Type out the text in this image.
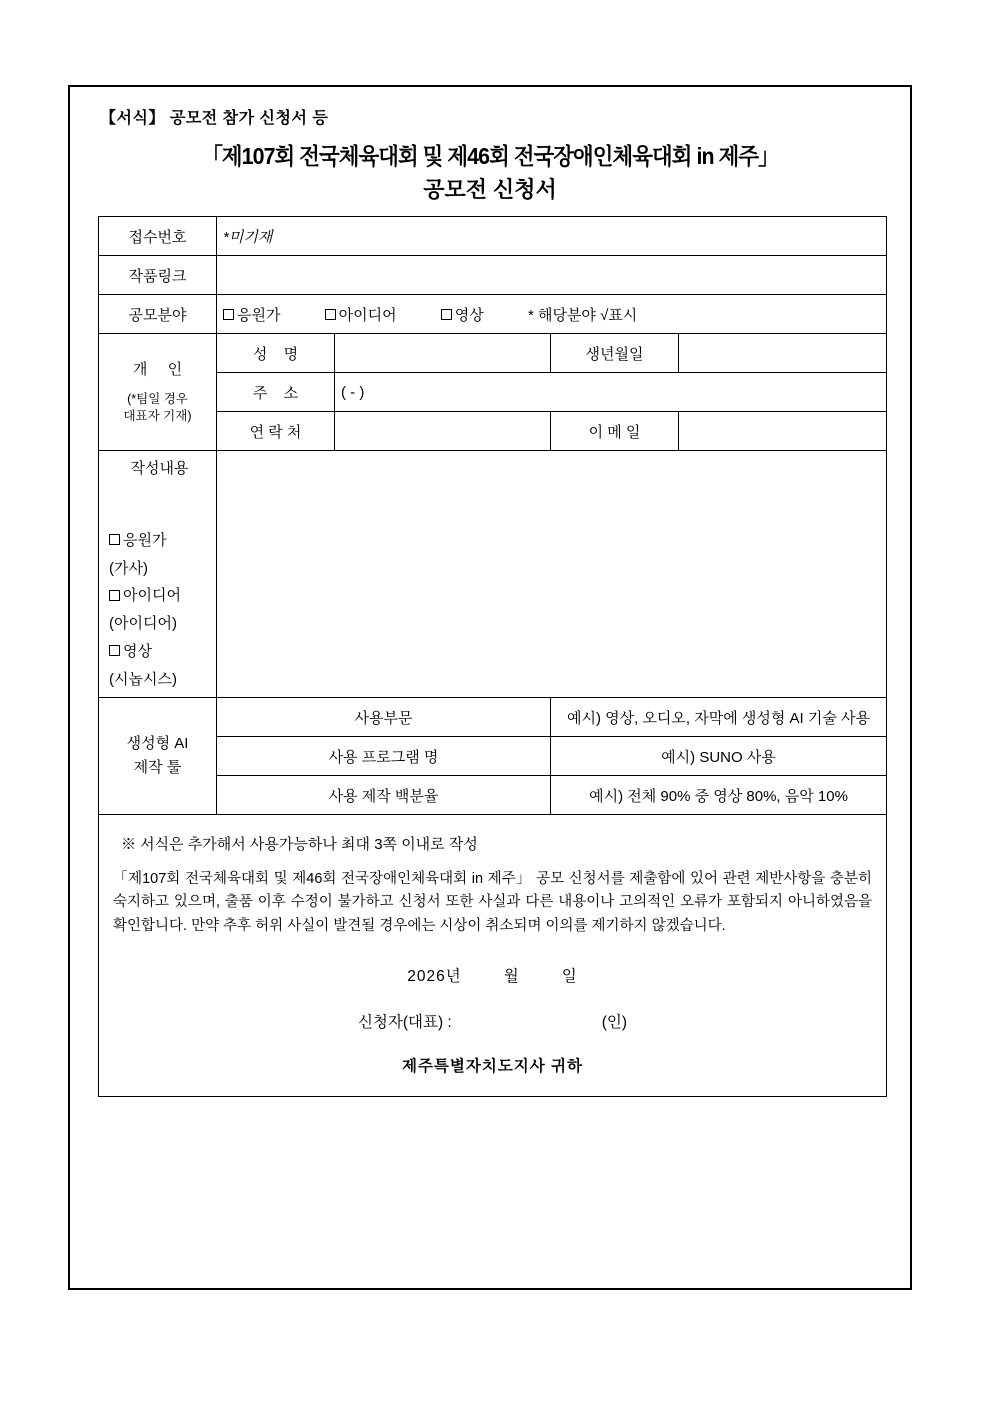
【서식】 공모전 참가 신청서 등
「제107회 전국체육대회 및 제46회 전국장애인체육대회 in 제주」
공모전 신청서
접수번호	*미기재			
작품링크				
공모분야	응원가 아이디어 영상 * 해당분야 √표시			

개 인
(*팀일 경우
대표자 기재)	성 명		생년월일	
	주 소	( - )		
	연 락 처		이 메 일	

작성내용
응원가
(가사)
아이디어
(아이디어)
영상
(시놉시스)	
생성형 AI
제작 툴	사용부문		예시) 영상, 오디오, 자막에 생성형 AI 기술 사용	
	사용 프로그램 명		예시) SUNO 사용	
	사용 제작 백분율		예시) 전체 90% 중 영상 80%, 음악 10%	

※ 서식은 추가해서 사용가능하나 최대 3쪽 이내로 작성
「제107회 전국체육대회 및 제46회 전국장애인체육대회 in 제주」 공모 신청서를 제출함에 있어 관련 제반사항을 충분히 숙지하고 있으며, 출품 이후 수정이 불가하고 신청서 또한 사실과 다른 내용이나 고의적인 오류가 포함되지 아니하였음을 확인합니다. 만약 추후 허위 사실이 발견될 경우에는 시상이 취소되며 이의를 제기하지 않겠습니다.
2026년	월	일
신청자(대표) :	(인)
제주특별자치도지사 귀하
